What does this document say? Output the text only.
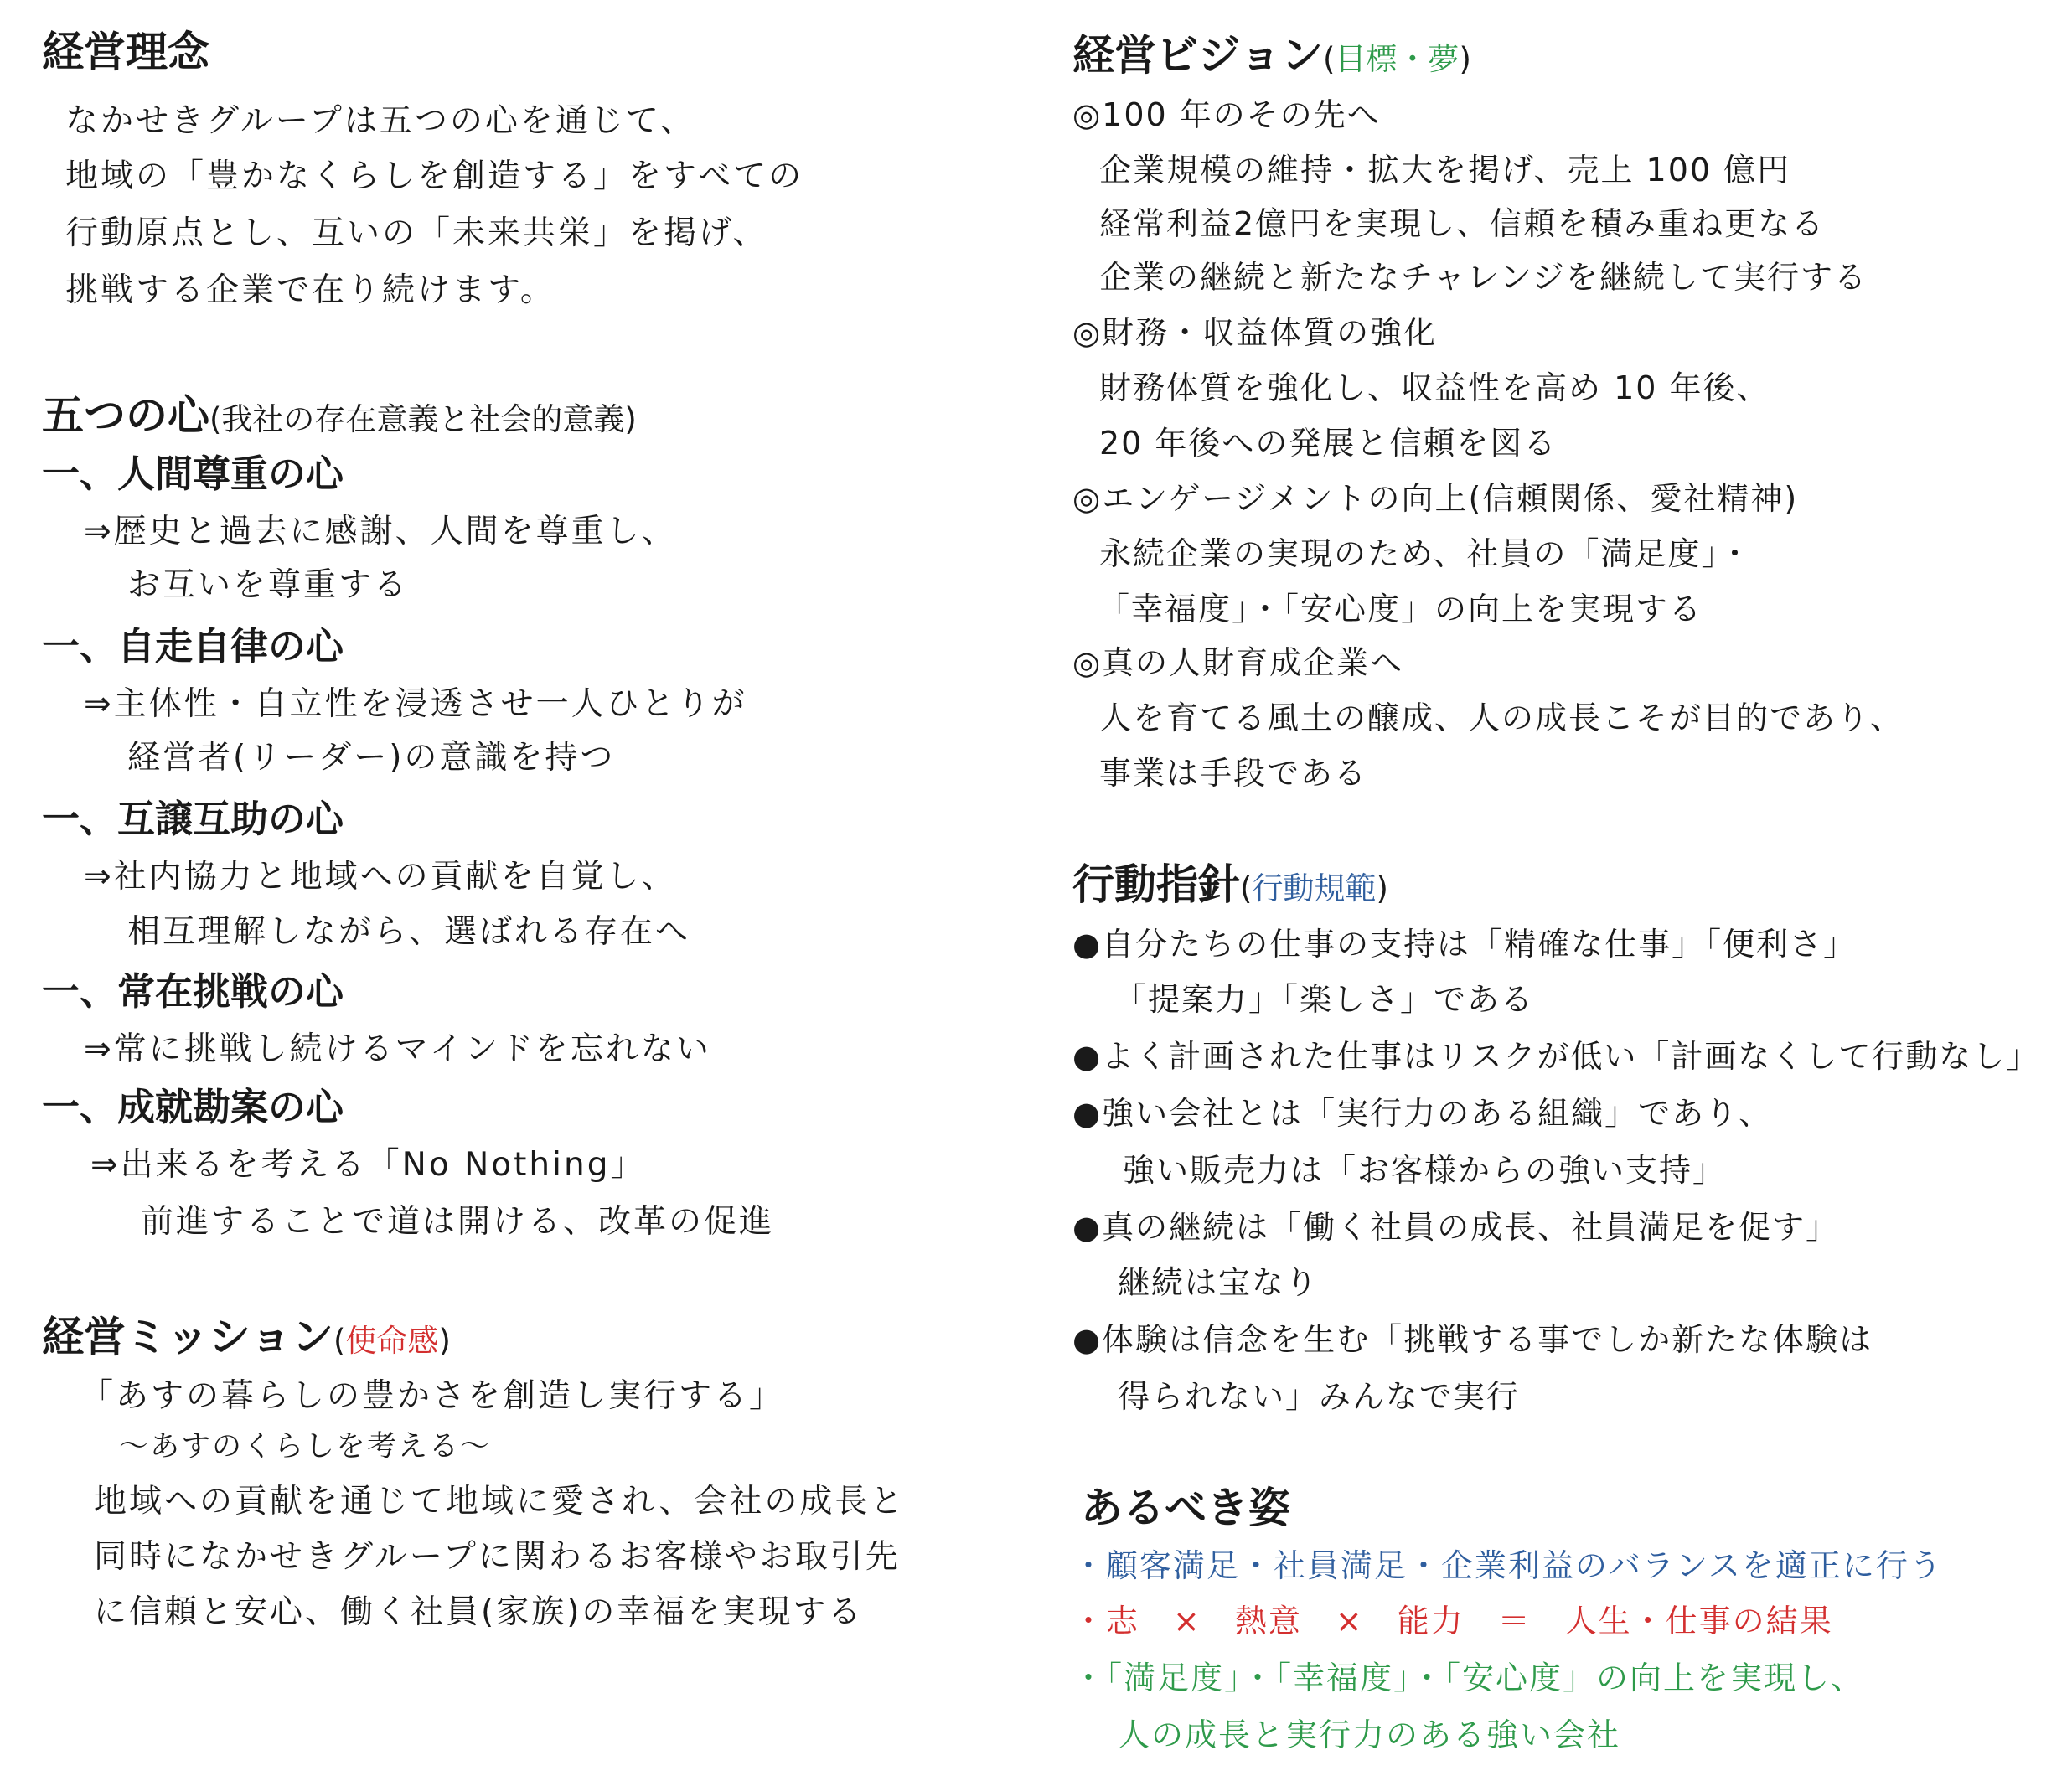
経営理念
なかせきグループは五つの心を通じて、
地域の「豊かなくらしを創造する」をすべての
行動原点とし、互いの「未来共栄」を掲げ、
挑戦する企業で在り続けます。
五つの心(我社の存在意義と社会的意義)
一、人間尊重の心
⇒歴史と過去に感謝、人間を尊重し、
お互いを尊重する
一、自走自律の心
⇒主体性・自立性を浸透させ一人ひとりが
経営者(リーダー)の意識を持つ
一、互譲互助の心
⇒社内協力と地域への貢献を自覚し、
相互理解しながら、選ばれる存在へ
一、常在挑戦の心
⇒常に挑戦し続けるマインドを忘れない
一、成就勘案の心
⇒出来るを考える「No Nothing」
前進することで道は開ける、改革の促進
経営ミッション(使命感)
「あすの暮らしの豊かさを創造し実行する」
～あすのくらしを考える～
地域への貢献を通じて地域に愛され、会社の成長と
同時になかせきグループに関わるお客様やお取引先
に信頼と安心、働く社員(家族)の幸福を実現する
経営ビジョン(目標・夢)
◎100 年のその先へ
企業規模の維持・拡大を掲げ、売上 100 億円
経常利益2億円を実現し、信頼を積み重ね更なる
企業の継続と新たなチャレンジを継続して実行する
◎財務・収益体質の強化
財務体質を強化し、収益性を高め 10 年後、
20 年後への発展と信頼を図る
◎エンゲージメントの向上(信頼関係、愛社精神)
永続企業の実現のため、社員の「満足度」・
「幸福度」・「安心度」の向上を実現する
◎真の人財育成企業へ
人を育てる風土の醸成、人の成長こそが目的であり、
事業は手段である
行動指針(行動規範)
●自分たちの仕事の支持は「精確な仕事」「便利さ」
「提案力」「楽しさ」である
●よく計画された仕事はリスクが低い「計画なくして行動なし」
●強い会社とは「実行力のある組織」であり、
強い販売力は「お客様からの強い支持」
●真の継続は「働く社員の成長、社員満足を促す」
継続は宝なり
●体験は信念を生む「挑戦する事でしか新たな体験は
得られない」みんなで実行
あるべき姿
・顧客満足・社員満足・企業利益のバランスを適正に行う
・志　×　熱意　×　能力　＝　人生・仕事の結果
・「満足度」・「幸福度」・「安心度」の向上を実現し、
人の成長と実行力のある強い会社
